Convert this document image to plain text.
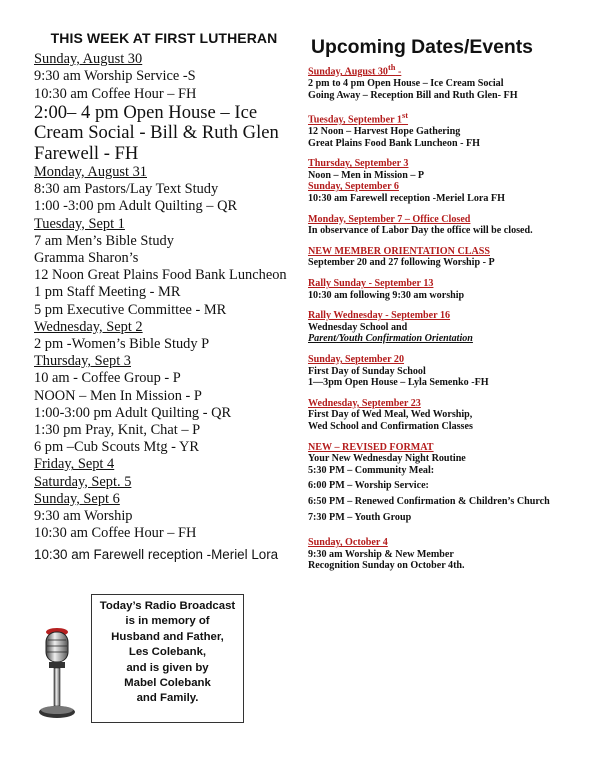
THIS WEEK AT FIRST LUTHERAN
Sunday, August 30
9:30 am Worship Service -S
10:30 am Coffee Hour – FH
2:00– 4 pm Open House – Ice Cream Social - Bill & Ruth Glen Farewell - FH
Monday, August 31
8:30 am Pastors/Lay Text Study
1:00 -3:00 pm Adult Quilting – QR
Tuesday, Sept 1
7 am Men’s Bible Study
Gramma Sharon’s
12 Noon Great Plains Food Bank Luncheon
1 pm Staff Meeting - MR
5 pm Executive Committee - MR
Wednesday, Sept 2
2 pm -Women’s Bible Study P
Thursday, Sept 3
10 am - Coffee Group - P
NOON – Men In Mission - P
1:00-3:00 pm Adult Quilting - QR
1:30 pm Pray, Knit, Chat – P
6 pm –Cub Scouts Mtg - YR
Friday, Sept 4
Saturday, Sept. 5
Sunday, Sept 6
9:30 am Worship
10:30 am Coffee Hour – FH
10:30 am Farewell reception -Meriel Lora
Upcoming Dates/Events
Sunday, August 30th -
2 pm to 4 pm Open House – Ice Cream Social
Going Away – Reception Bill and Ruth Glen- FH
Tuesday, September 1st
12 Noon – Harvest Hope Gathering
Great Plains Food Bank Luncheon - FH
Thursday, September 3
Noon – Men in Mission – P
Sunday, September 6
10:30 am Farewell reception -Meriel Lora FH
Monday, September 7 – Office Closed
In observance of Labor Day the office will be closed.
NEW MEMBER ORIENTATION CLASS
September 20 and 27 following Worship - P
Rally Sunday - September 13
10:30 am following 9:30 am worship
Rally Wednesday - September 16
Wednesday School and
Parent/Youth Confirmation Orientation
Sunday, September 20
First Day of Sunday School
1—3pm Open House – Lyla Semenko -FH
Wednesday, September 23
First Day of Wed Meal, Wed Worship,
Wed School and Confirmation Classes
NEW – REVISED FORMAT
Your New Wednesday Night Routine
5:30 PM – Community Meal:
6:00 PM – Worship Service:
6:50 PM – Renewed Confirmation & Children’s Church
7:30 PM – Youth Group
Sunday, October 4
9:30 am Worship & New Member
Recognition Sunday on October 4th.
Today’s Radio Broadcast
is in memory of
Husband and Father,
Les Colebank,
and is given by
Mabel Colebank
and Family.
